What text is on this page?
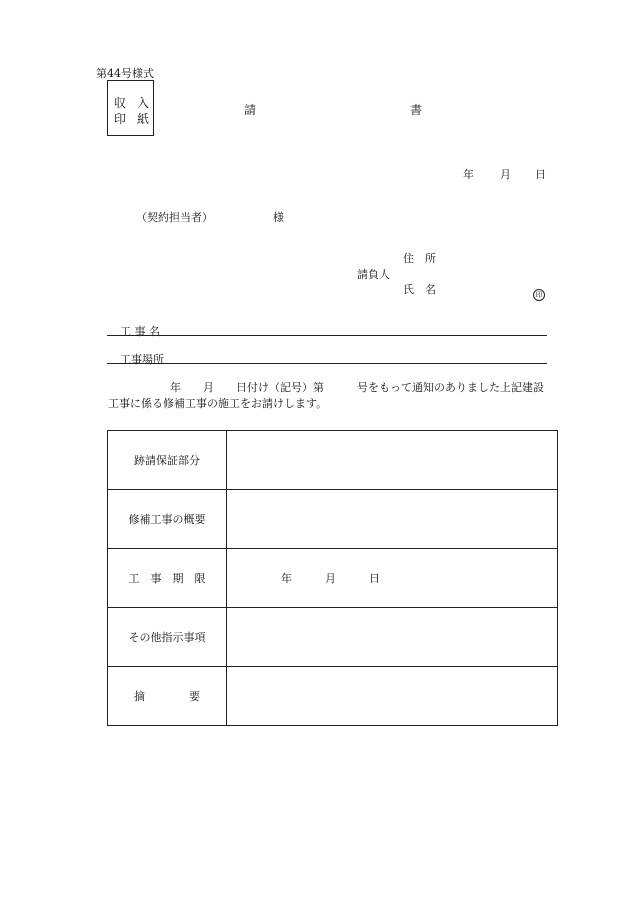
第44号様式
収 入
印 紙
請	書
年 月 日
（契約担当者）	様
住　所
請負人
氏　名	印
工 事 名
工事場所
年　　月　　日付け（記号）第　　　号をもって通知のありました上記建設
工事に係る修補工事の施工をお請けします。
跡請保証部分	
修補工事の概要	
工　事　期　限	年　　　月　　　日
その他指示事項	
摘　　　　要	
